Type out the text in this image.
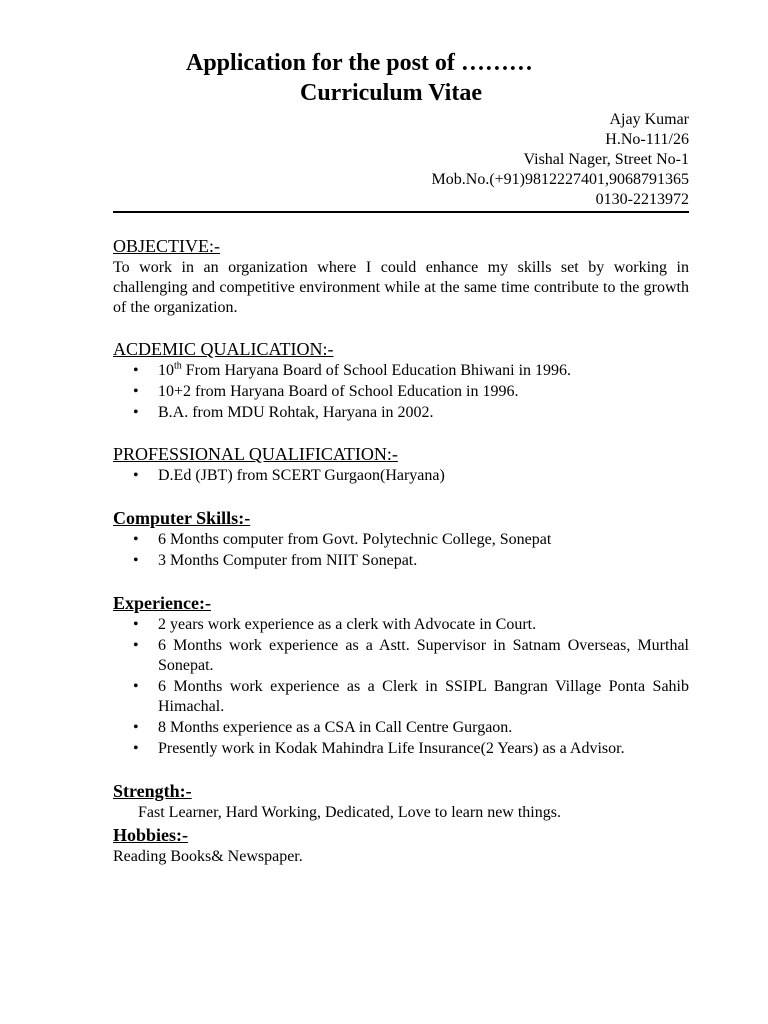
Application for the post of ………
Curriculum Vitae
Ajay Kumar
H.No-111/26
Vishal Nager, Street No-1
Mob.No.(+91)9812227401,9068791365
0130-2213972

OBJECTIVE:-

To work in an organization where I could enhance my skills set by working in challenging and competitive environment while at the same time contribute to the growth of the organization.

ACDEMIC QUALICATION:-

• 10th From Haryana Board of School Education Bhiwani in 1996.
• 10+2 from Haryana Board of School Education in 1996.
• B.A. from MDU Rohtak, Haryana in 2002.

PROFESSIONAL QUALIFICATION:-

• D.Ed (JBT) from SCERT Gurgaon(Haryana)

Computer Skills:-

• 6 Months computer from Govt. Polytechnic College, Sonepat
• 3 Months Computer from NIIT Sonepat.

Experience:-

• 2 years work experience as a clerk with Advocate in Court.
• 6 Months work experience as a Astt. Supervisor in Satnam Overseas, Murthal Sonepat.
• 6 Months work experience as a Clerk in SSIPL Bangran Village Ponta Sahib Himachal.
• 8 Months experience as a CSA in Call Centre Gurgaon.
• Presently work in Kodak Mahindra Life Insurance(2 Years) as a Advisor.

Strength:-

Fast Learner, Hard Working, Dedicated, Love to learn new things.

Hobbies:-

Reading Books& Newspaper.
